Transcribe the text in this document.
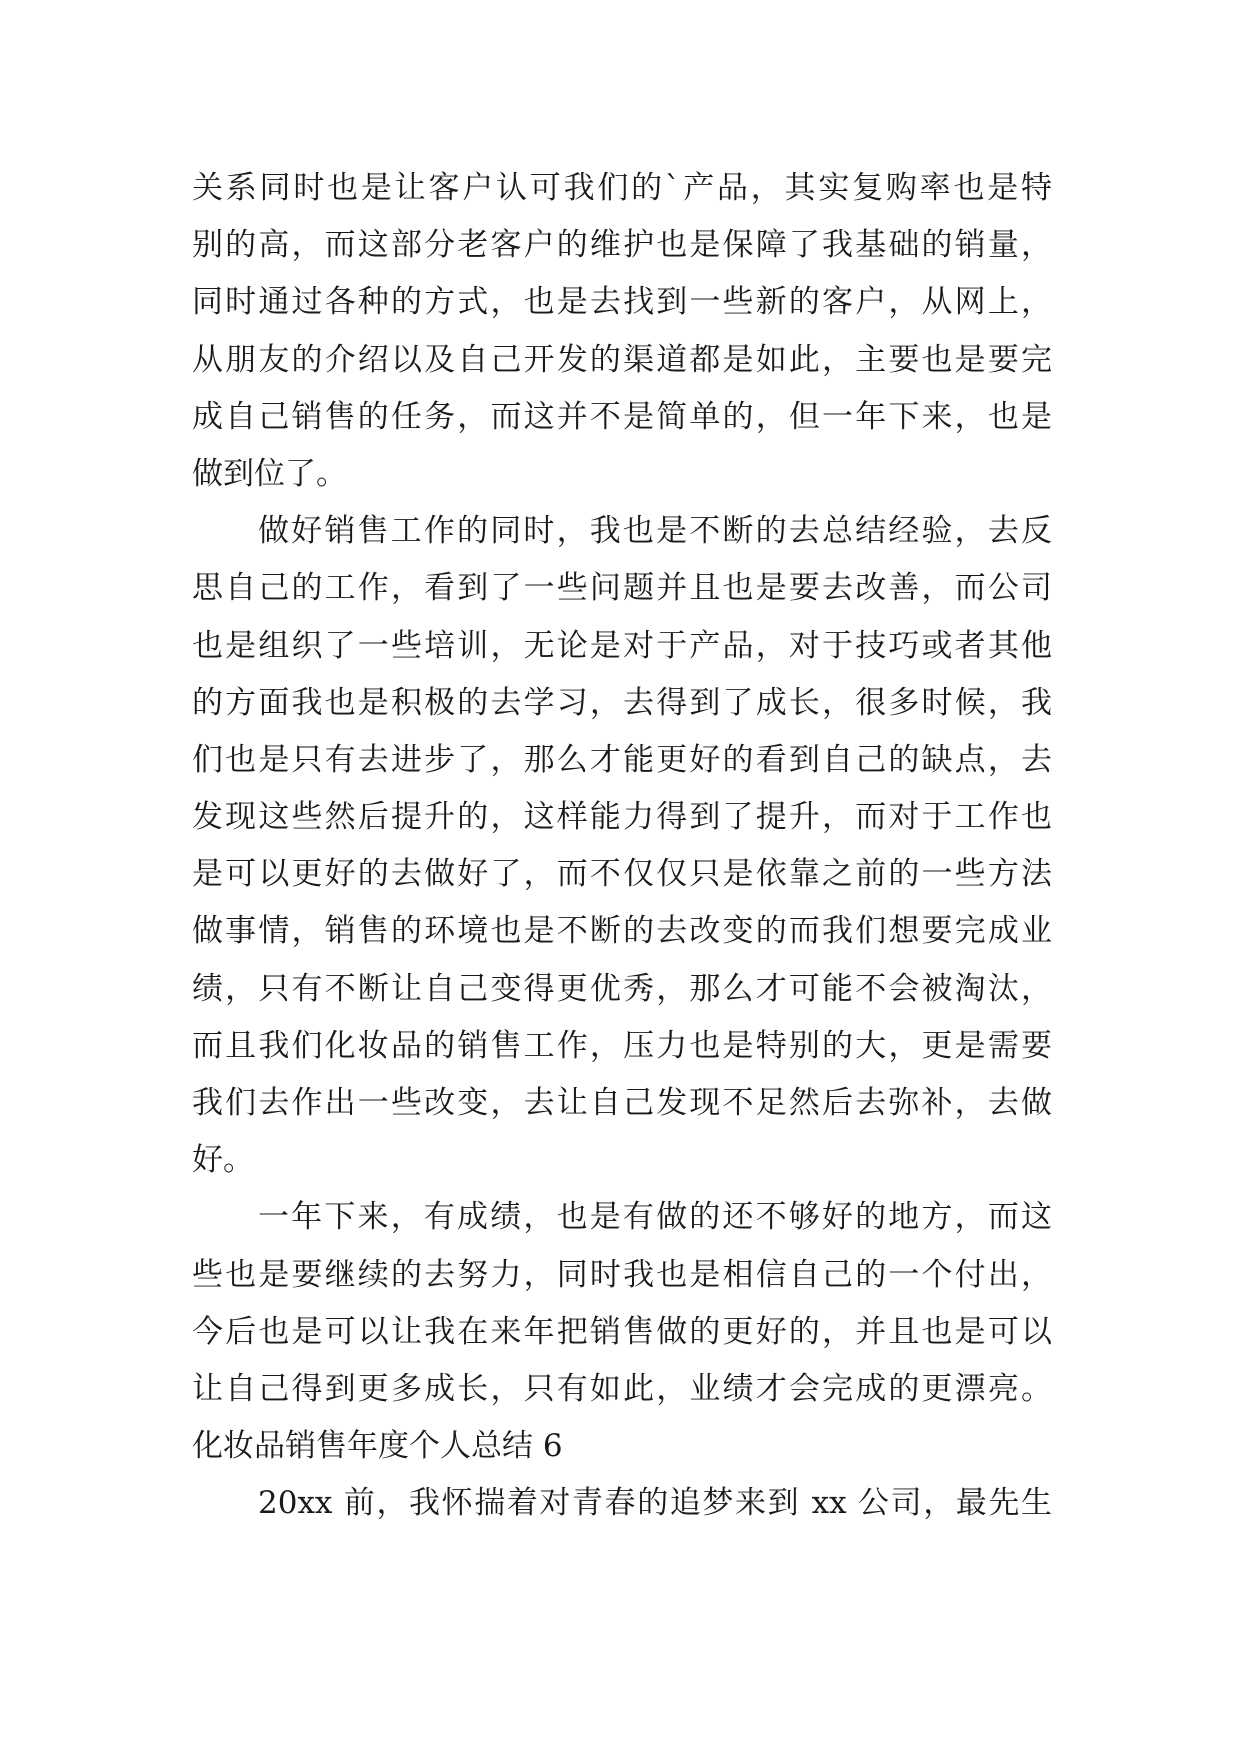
关系同时也是让客户认可我们的`产品，其实复购率也是特
别的高，而这部分老客户的维护也是保障了我基础的销量，
同时通过各种的方式，也是去找到一些新的客户，从网上，
从朋友的介绍以及自己开发的渠道都是如此，主要也是要完
成自己销售的任务，而这并不是简单的，但一年下来，也是
做到位了。
做好销售工作的同时，我也是不断的去总结经验，去反
思自己的工作，看到了一些问题并且也是要去改善，而公司
也是组织了一些培训，无论是对于产品，对于技巧或者其他
的方面我也是积极的去学习，去得到了成长，很多时候，我
们也是只有去进步了，那么才能更好的看到自己的缺点，去
发现这些然后提升的，这样能力得到了提升，而对于工作也
是可以更好的去做好了，而不仅仅只是依靠之前的一些方法
做事情，销售的环境也是不断的去改变的而我们想要完成业
绩，只有不断让自己变得更优秀，那么才可能不会被淘汰，
而且我们化妆品的销售工作，压力也是特别的大，更是需要
我们去作出一些改变，去让自己发现不足然后去弥补，去做
好。
一年下来，有成绩，也是有做的还不够好的地方，而这
些也是要继续的去努力，同时我也是相信自己的一个付出，
今后也是可以让我在来年把销售做的更好的，并且也是可以
让自己得到更多成长，只有如此，业绩才会完成的更漂亮。
化妆品销售年度个人总结 6
20xx 前，我怀揣着对青春的追梦来到 xx 公司，最先生
